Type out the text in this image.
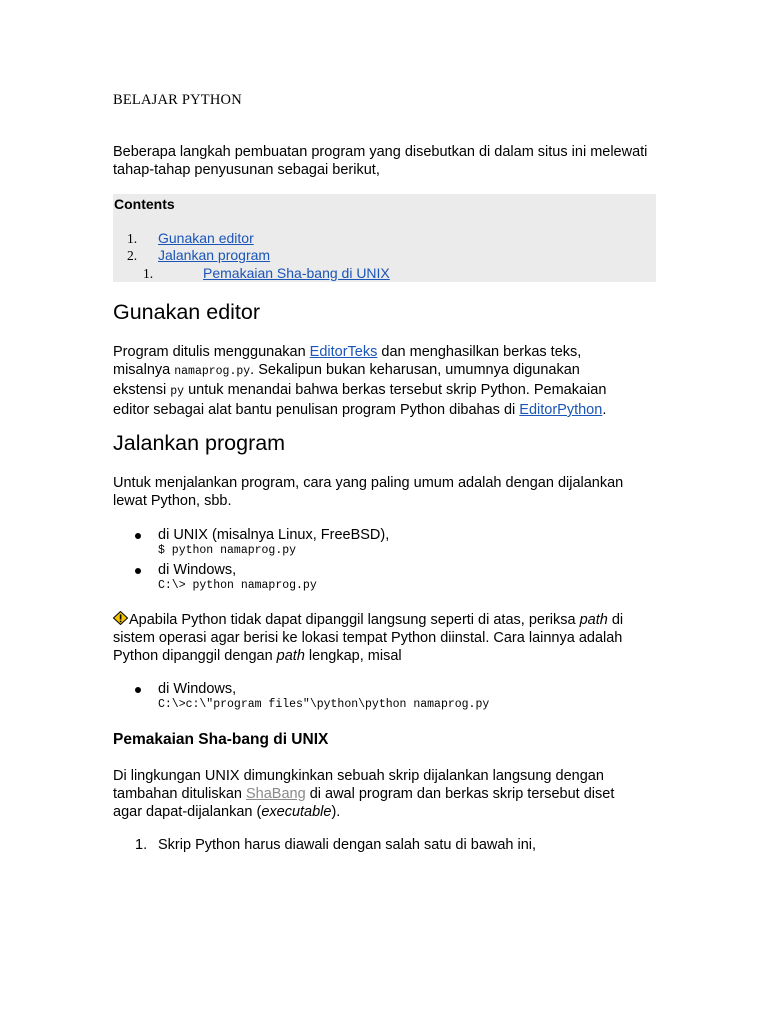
BELAJAR PYTHON

Beberapa langkah pembuatan program yang disebutkan di dalam situs ini melewati tahap-tahap penyusunan sebagai berikut,

Contents
1. Gunakan editor
2. Jalankan program
1.	Pemakaian Sha-bang di UNIX
Gunakan editor

Program ditulis menggunakan EditorTeks dan menghasilkan berkas teks,
misalnya namaprog.py. Sekalipun bukan keharusan, umumnya digunakan
ekstensi py untuk menandai bahwa berkas tersebut skrip Python. Pemakaian
editor sebagai alat bantu penulisan program Python dibahas di EditorPython.

Jalankan program

Untuk menjalankan program, cara yang paling umum adalah dengan dijalankan
lewat Python, sbb.

di UNIX (misalnya Linux, FreeBSD),
$ python namaprog.py
di Windows,
C:\> python namaprog.py

Apabila Python tidak dapat dipanggil langsung seperti di atas, periksa path di
sistem operasi agar berisi ke lokasi tempat Python diinstal. Cara lainnya adalah
Python dipanggil dengan path lengkap, misal

di Windows,
C:\>c:\"program files"\python\python namaprog.py
Pemakaian Sha-bang di UNIX

Di lingkungan UNIX dimungkinkan sebuah skrip dijalankan langsung dengan
tambahan dituliskan ShaBang di awal program dan berkas skrip tersebut diset
agar dapat-dijalankan (executable).

1. Skrip Python harus diawali dengan salah satu di bawah ini,
